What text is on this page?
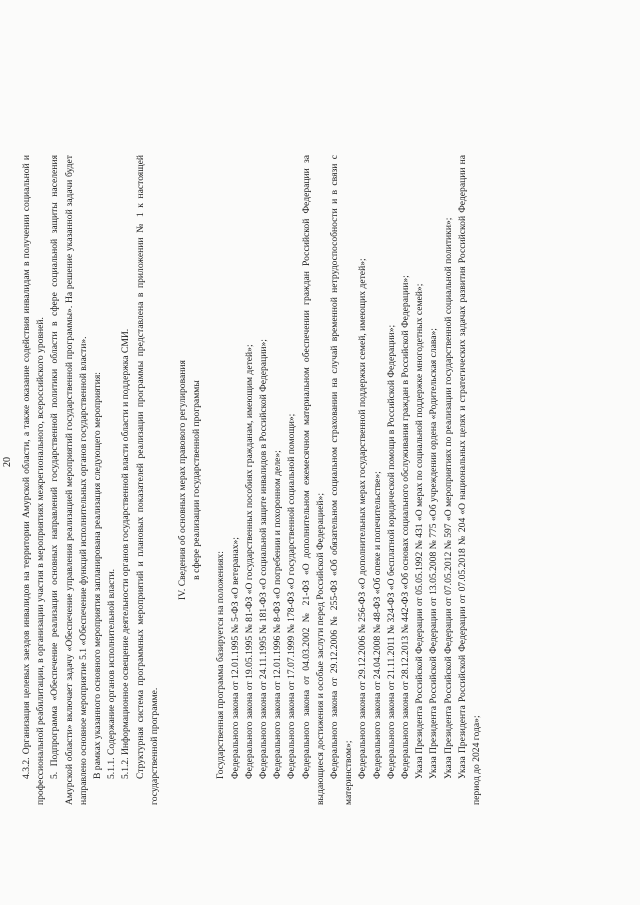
20 4.3.2. Организация целевых заездов инвалидов на территории Амурской области, а также оказание содействия инвалидам в получении социальной и профессиональной реабилитации, в организации участия в мероприятиях межрегионального, всероссийского уровней. 5. Подпрограмма «Обеспечение реализации основных направлений государственной политики области в сфере социальной защиты населения Амурской области» включает задачу «Обеспечение управления реализацией мероприятий государственной программы». На решение указанной задачи будет направлено основное мероприятие 5.1 «Обеспечение функций исполнительных органов государственной власти». В рамках указанного основного мероприятия запланирована реализация следующего мероприятия: 5.1.1. Содержание органов исполнительной власти. 5.1.2. Информационное освещение деятельности органов государственной власти области и поддержка СМИ. Структурная система программных мероприятий и плановых показателей реализации программы представлена в приложении № 1 к настоящей государственной программе.

IV. Сведения об основных мерах правового регулирования в сфере реализации государственной программы

Государственная программа базируется на положениях: Федерального закона от 12.01.1995 № 5-ФЗ «О ветеранах»; Федерального закона от 19.05.1995 № 81-ФЗ «О государственных пособиях гражданам, имеющим детей»; Федерального закона от 24.11.1995 № 181-ФЗ «О социальной защите инвалидов в Российской Федерации»; Федерального закона от 12.01.1996 № 8-ФЗ «О погребении и похоронном деле»; Федерального закона от 17.07.1999 № 178-ФЗ «О государственной социальной помощи»; Федерального закона от 04.03.2002 № 21-ФЗ «О дополнительном ежемесячном материальном обеспечении граждан Российской Федерации за выдающиеся достижения и особые заслуги перед Российской Федерацией»; Федерального закона от 29.12.2006 № 255-ФЗ «Об обязательном социальном страховании на случай временной нетрудоспособности и в связи с материнством»; Федерального закона от 29.12.2006 № 256-ФЗ «О дополнительных мерах государственной поддержки семей, имеющих детей»; Федерального закона от 24.04.2008 № 48-ФЗ «Об опеке и попечительстве»; Федерального закона от 21.11.2011 № 324-ФЗ «О бесплатной юридической помощи в Российской Федерации»; Федерального закона от 28.12.2013 № 442-ФЗ «Об основах социального обслуживания граждан в Российской Федерации»; Указа Президента Российской Федерации от 05.05.1992 № 431 «О мерах по социальной поддержке многодетных семей»; Указа Президента Российской Федерации от 13.05.2008 № 775 «Об учреждении ордена «Родительская слава»; Указа Президента Российской Федерации от 07.05.2012 № 597 «О мероприятиях по реализации государственной социальной политики»; Указа Президента Российской Федерации от 07.05.2018 № 204 «О национальных целях и стратегических задачах развития Российской Федерации на период до 2024 года»;
